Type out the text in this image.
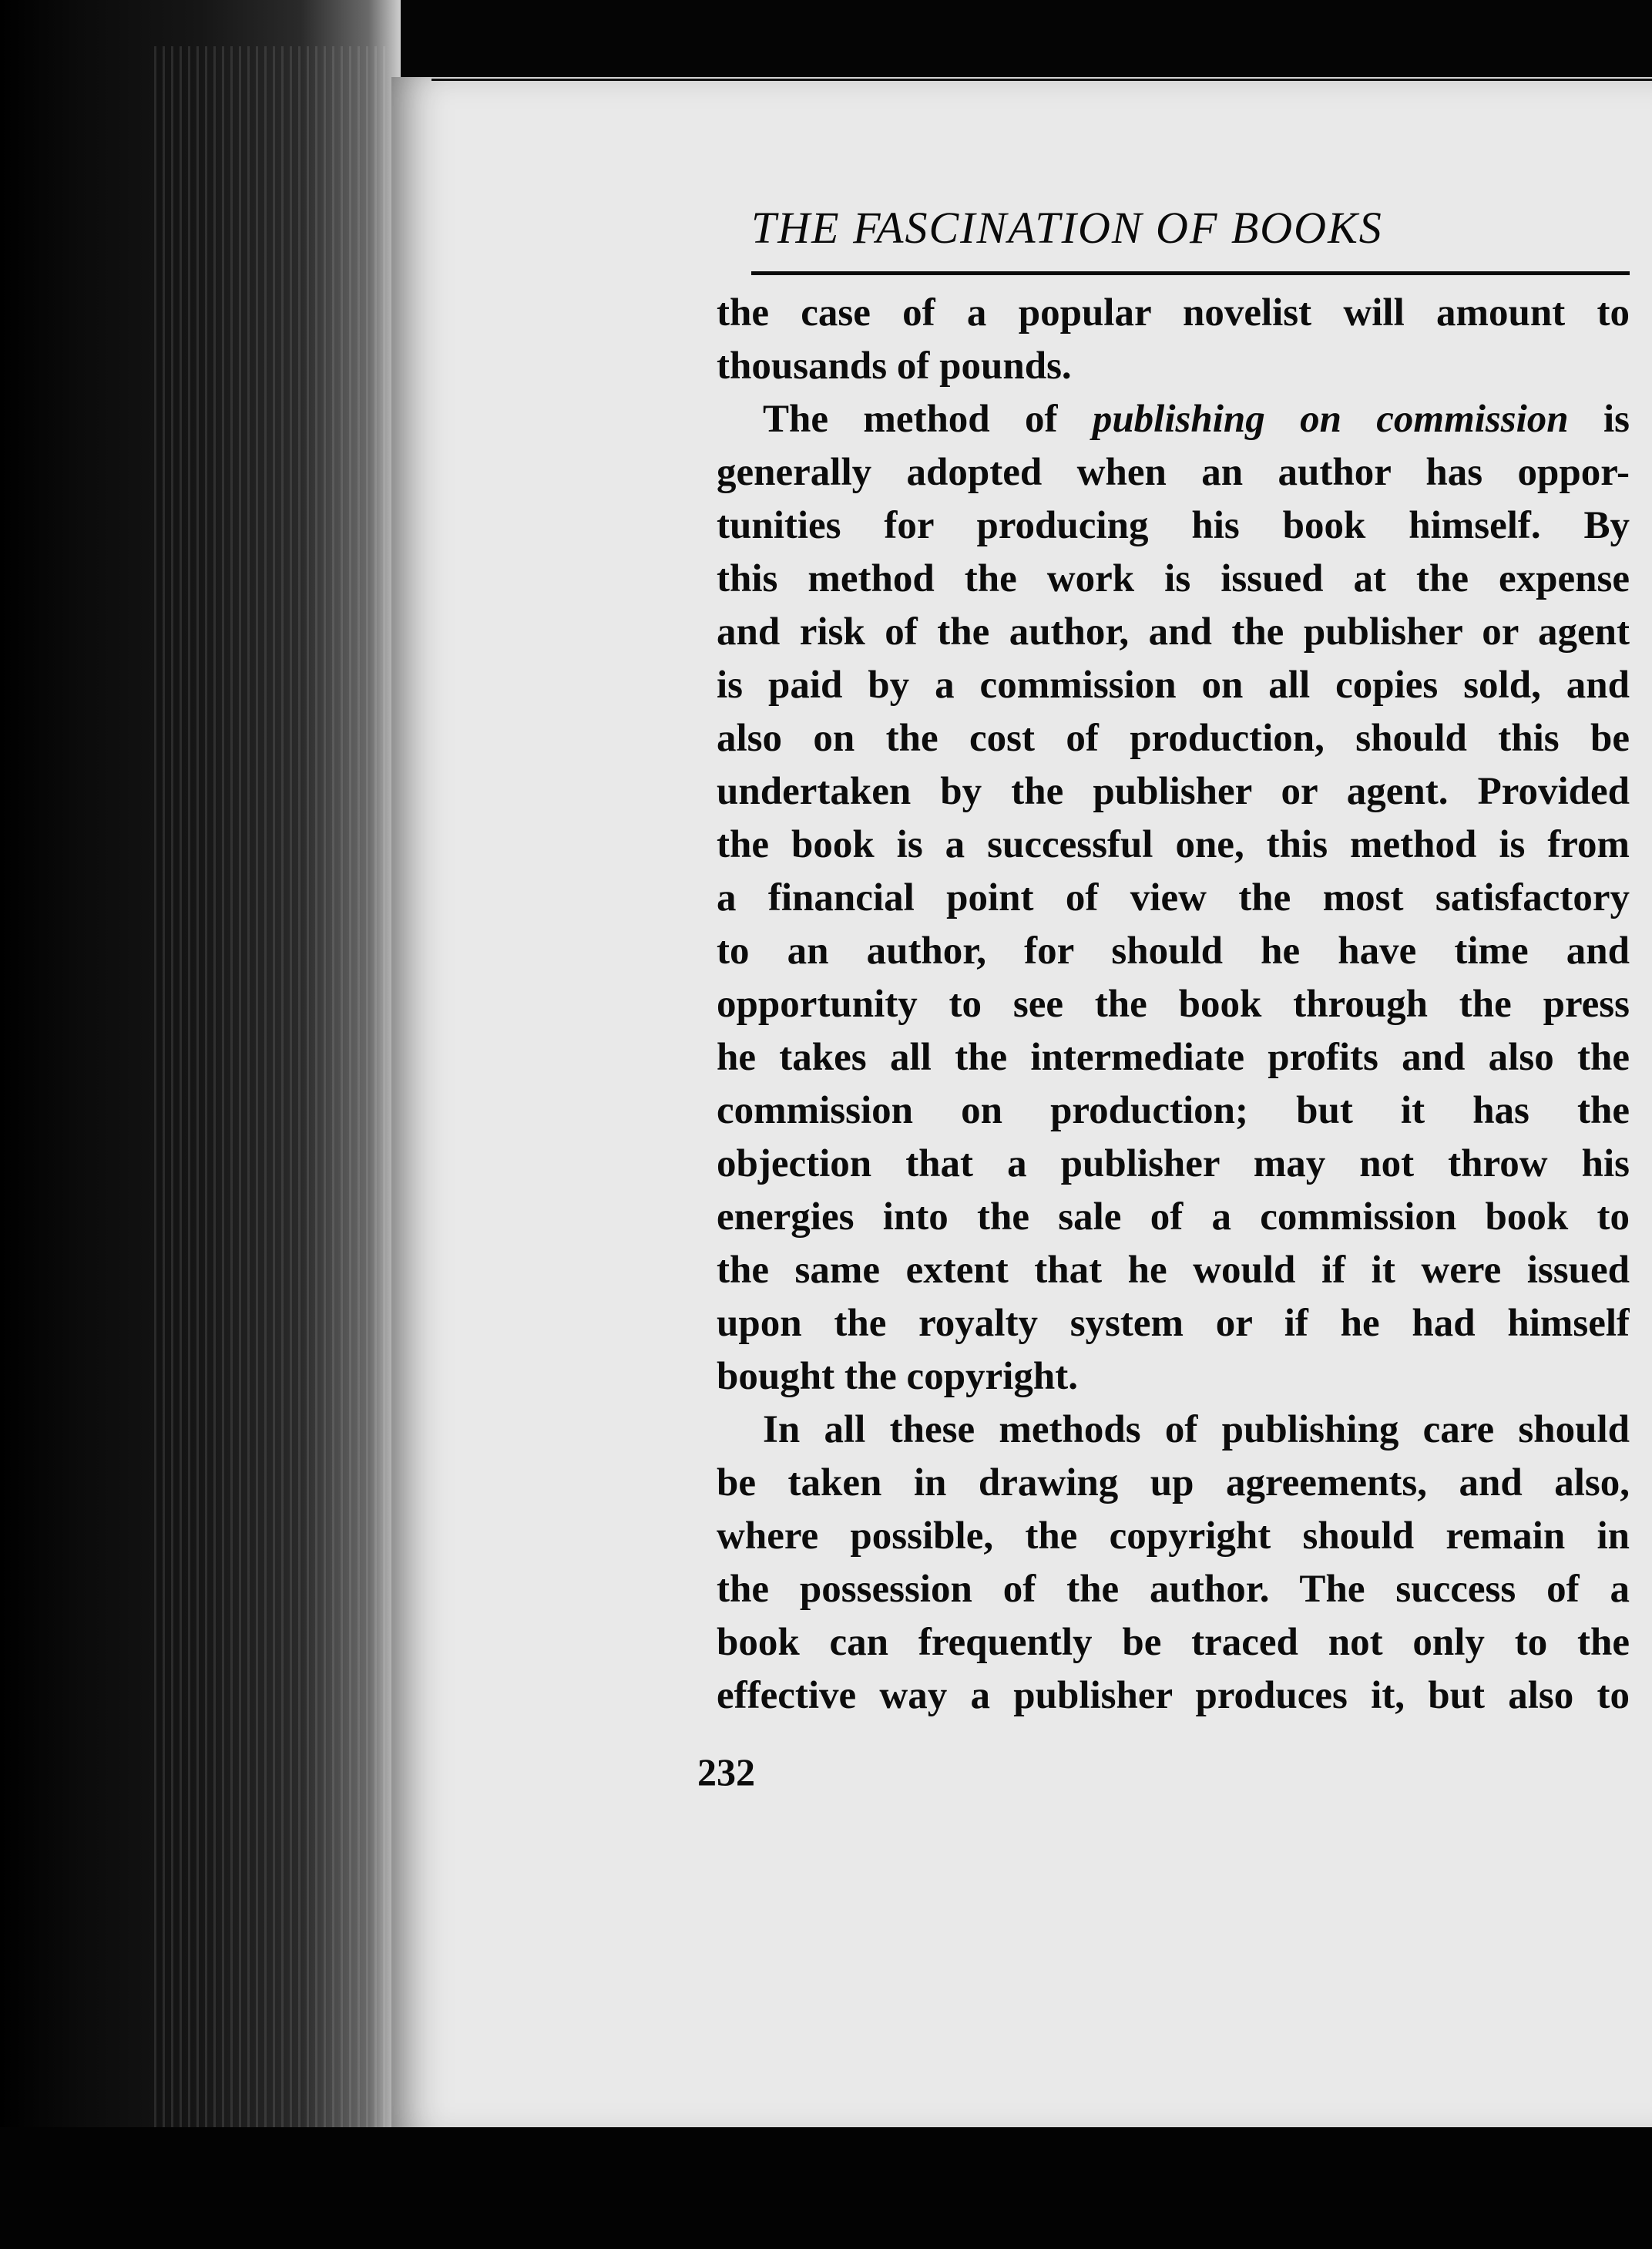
THE FASCINATION OF BOOKS
the case of a popular novelist will amount to
thousands of pounds.
The method of publishing on commission is
generally adopted when an author has oppor-
tunities for producing his book himself. By
this method the work is issued at the expense
and risk of the author, and the publisher or agent
is paid by a commission on all copies sold, and
also on the cost of production, should this be
undertaken by the publisher or agent. Provided
the book is a successful one, this method is from
a financial point of view the most satisfactory
to an author, for should he have time and
opportunity to see the book through the press
he takes all the intermediate profits and also the
commission on production; but it has the
objection that a publisher may not throw his
energies into the sale of a commission book to
the same extent that he would if it were issued
upon the royalty system or if he had himself
bought the copyright.
In all these methods of publishing care should
be taken in drawing up agreements, and also,
where possible, the copyright should remain in
the possession of the author. The success of a
book can frequently be traced not only to the
effective way a publisher produces it, but also to
232
